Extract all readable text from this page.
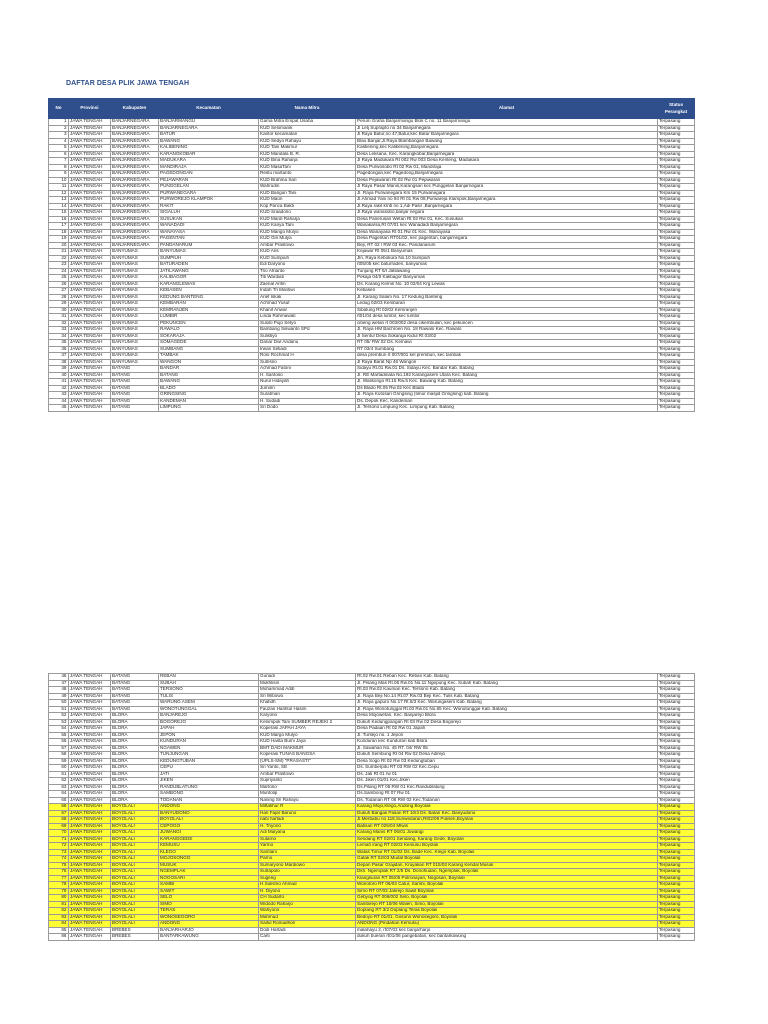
DAFTAR DESA PLIK JAWA TENGAH
No	Provinsi	Kabupaten	Kecamatan	Nama Mitra	Alamat	Status
Perangkat
1	JAWA TENGAH	BANJARNEGARA	BANJARMANGU	Gama Mitra Empat Usaha	Perum Graha Banjarmangu Blok C no. 11 Banjarmangu	Terpasang
2	JAWA TENGAH	BANJARNEGARA	BANJARNEGARA	KUD Selomanik	Jl Letj Suprapto no 34 Banjarnegara	Terpasang
3	JAWA TENGAH	BANJARNEGARA	BATUR	Kantor kecamatan	Jl Raya Batur,no 47,Batur,kec Batur Banjarnegara	Terpasang
4	JAWA TENGAH	BANJARNEGARA	BAWANG	KUD Sedyo Rahayu	Blau Banjar,Jl.Raya Blambangan Bawang	Terpasang
5	JAWA TENGAH	BANJARNEGARA	KALIBENING	KUD Tani Makmur	Kalibening,kec Kalibening,Banjarnegara	Terpasang
6	JAWA TENGAH	BANJARNEGARA	KARANGKOBAR	KUD Mandala B. R.	Desa Leksana, Kec. Karangkobar,Banjarnegara	Terpasang
7	JAWA TENGAH	BANJARNEGARA	MADUKARA	KUD Bina Raharja	Jl Raya Madukara Rt 002 Rw 003 Desa Kenteng, Madukara	Terpasang
8	JAWA TENGAH	BANJARNEGARA	MANDIRAJA	KUD MasaTani	Desa Purwosobo Rt 02 Rw 01, Mandiraja	Terpasang
9	JAWA TENGAH	BANJARNEGARA	PAGEDONGAN	Restu martanto	Pagedongan,kec Pagedong,Banjarnegara	Terpasang
10	JAWA TENGAH	BANJARNEGARA	PEJAWARAN	KUD Brahma Sari	Desa Pejawaran Rt 02 Rw 01 Pejawaran	Terpasang
11	JAWA TENGAH	BANJARNEGARA	PUNGGELAN	Wahrudin	Jl Raya Pasar Manis,Karangsari kec Punggelan Banjarnegara	Terpasang
12	JAWA TENGAH	BANJARNEGARA	PURWANEGARA	KUD Bangun Tani	Jl. Raya Purwanegara Km 15 Purwanegara	Terpasang
13	JAWA TENGAH	BANJARNEGARA	PURWOREJO KLAMPOK	KUD Maon	Jl.Ahmad Yani no 94 Rt 01 Rw 08,Purwareja Klampok,Banjarnegara	Terpasang
14	JAWA TENGAH	BANJARNEGARA	RAKIT	Kop Panca Bakti	Jl.Raya rakit km5 no 1,Adi Pasir ,Banjarnegara	Terpasang
15	JAWA TENGAH	BANJARNEGARA	SIGALUH	KUD Sraadono	Jl.Raya wanasobo,banjar negara	Terpasang
16	JAWA TENGAH	BANJARNEGARA	SUSUKAN	KUD Mardi Raharja	Desa Panerusan Wetan Rt 02 Rw 01, Kec. Susukan	Terpasang
17	JAWA TENGAH	BANJARNEGARA	WANADADI	KUD Kanya Tani	Wanakarsa,Rt 07/01 kec Wanadadi Banjarnegara	Terpasang
18	JAWA TENGAH	BANJARNEGARA	WANAYASA	KUD Mango Mulyo	Desa Wanayasa Rt 01 Rw 01 Kec. Wanayasa	Terpasang
19	JAWA TENGAH	BANJARNEGARA	PAGENTAN	KUD Giri Mulya	Desa Pagentan RT01/02, kec pagentan, banjarnegara	Terpasang
20	JAWA TENGAH	BANJARNEGARA	PANDANARUM	Ambar Prastowo	Beji, RT 02 / RW 03 Kec. Pandanarum	Terpasang
21	JAWA TENGAH	BANYUMAS	BANYUMAS	KUD Aris	Kejawar Rt 05/1 Banyumas	Terpasang
22	JAWA TENGAH	BANYUMAS	SUMPIUH	KUD Sumpiuh	Jln. Raya Kebokura No.10 Sumpiuh	Terpasang
23	JAWA TENGAH	BANYUMAS	BATURADEN	Edi Daryono	rt05/05 kec baturraden, banyumas	Terpasang
24	JAWA TENGAH	BANYUMAS	JATILAWANG	Trio Afrianto	Tunjung RT 5/I Jatilawang	Terpasang
25	JAWA TENGAH	BANYUMAS	KALIBAGOR	Titi Wardiati	Pekaja 04/II Kalibagor Banyumas	Terpasang
26	JAWA TENGAH	BANYUMAS	KARANGLEWAS	Zaenal Arifin	Ds. Karang Kemiri No. 10 02/04 Krg Lewas	Terpasang
27	JAWA TENGAH	BANYUMAS	KEBASEN	Indah Tri Mantiwi	Kebasen	Terpasang
28	JAWA TENGAH	BANYUMAS	KEDUNG BANTENG	Arief Iskak	Jl. Karang Salam No. 17 Kedung Banteng	Terpasang
29	JAWA TENGAH	BANYUMAS	KEMBARAN	Achmad Yusuf	Ledug 02/03 Kembaran	Terpasang
30	JAWA TENGAH	BANYUMAS	KEMRANJEN	Khanif Anwar	Sibalung Rt 02/02 Kemranjen	Terpasang
31	JAWA TENGAH	BANYUMAS	LUMBIR	Linda Rahmawati	rt01/04 desa lumbir, kec lumbir	Terpasang
32	JAWA TENGAH	BANYUMAS	PEKUNCEN	Susilo Pujo Setyo	cibeng wetan rt 003/002 desa cikembulan, kec pekuncen	Terpasang
33	JAWA TENGAH	BANYUMAS	RAWALO	Bambang Siswanto SPd	Jl. Raya HM Bachroen No. 18 Rawalo Kec. Rawalo	Terpasang
34	JAWA TENGAH	BANYUMAS	SOKARAJA	Sulistiyo	Jl Sentul Desa Sokaraja Kidul Rt 03/02	Terpasang
35	JAWA TENGAH	BANYUMAS	SOMAGEDE	Danar Dwi Andanu	RT 05/ RW 02 Ds. Kemawi	Terpasang
36	JAWA TENGAH	BANYUMAS	SUMBANG	Irwan Setiadi	RT 03/4 Sumbang	Terpasang
37	JAWA TENGAH	BANYUMAS	TAMBAK	Roni Rochmat H	desa prembun rt 007/001 kel prembun, kec tambak	Terpasang
38	JAWA TENGAH	BANYUMAS	WANGON	Sutrisno	Jl Raya Barat Np 46 Wangon	Terpasang
39	JAWA TENGAH	BATANG	BANDAR	Achmad Fatoni	Sidayu Rt.01 Rw.01 Ds. Sidayu Kec. Bandar Kab. Batang	Terpasang
40	JAWA TENGAH	BATANG	BATANG	H. Santoso	Jl. RE Martadinata No.192 Karangasem Utara Kec. Batang	Terpasang
41	JAWA TENGAH	BATANG	BAWANG	Nurul Hidayah	Jl. Walisongo Rt.15 Rw.5 Kec. Bawang Kab. Batang	Terpasang
42	JAWA TENGAH	BATANG	BLADO	Jumirin	Ds Blado Rt.05 Rw.02 Kec Blado	Terpasang
43	JAWA TENGAH	BATANG	GRINGSING	Suratman	Jl. Raya Kutosari Gringsing (timur masjid Gringsing) kab. Batang	Terpasang
44	JAWA TENGAH	BATANG	KANDEMAN	H. Sudadi	Ds. Depok Kec. Kandeman	Terpasang
45	JAWA TENGAH	BATANG	LIMPUNG	Sri Dodo	Jl. Tersono Limpung Kec. Limpung Kab. Batang	Terpasang
46	JAWA TENGAH	BATANG	REBAN	Gunadi	Rt.02 Rw.01 Reban Kec. Reban Kab. Batang	Terpasang
47	JAWA TENGAH	BATANG	SUBAH	Mukhlisin	Jl. Pisang Mas Rt.05 Rw.01 No.11 Ngepung Kec. Subah Kab. Batang	Terpasang
48	JAWA TENGAH	BATANG	TERSONO	Muhammad Adib	Rt.03 Rw.02 Kauman Kec. Tersono Kab. Batang	Terpasang
49	JAWA TENGAH	BATANG	TULIS	Sri Wibowo	Jl. Raya Beji No.14 Rt.07 Rw.03 Beji Kec. Tulis Kab. Batang	Terpasang
50	JAWA TENGAH	BATANG	WARUNG ASEM	Khafidh	Jl. Raya gapuro No.17 Rt.5/3 Kec. Warungasem Kab. Batang	Terpasang
51	JAWA TENGAH	BATANG	WONOTUNGGAL	Fauzan Haritsul Hasim	Jl. Raya Wonotunggal Rt.03 Rw.01 No.65 Kec. Wonotunggal Kab. Batang	Terpasang
52	JAWA TENGAH	BLORA	BANJAREJO	Karyono	Desa Mojowetan, Kec. Banjarejo Blora	Terpasang
53	JAWA TENGAH	BLORA	BOGOREJO	Kelompok Tani SUMBER REJEKI 2	Dukuh Kedungpangan Rt 03 Rw 02 Desa Bogorejo	Terpasang
54	JAWA TENGAH	BLORA	JAPAH	Koperasi JAPAH JAYA	Desa Padaan Rt 02 Rw 01 Japah	Terpasang
55	JAWA TENGAH	BLORA	JEPON	KUD Margo Mulyo	Jl. Tuntejo no. 1 Jepon	Terpasang
56	JAWA TENGAH	BLORA	KUNDURAN	KUD Hasta Bumi Jaya	Kunduran kec Kunduran kab Blora	Terpasang
57	JAWA TENGAH	BLORA	NGAWEN	BMT DADI MAKMUR	Jl. Sawahan No. 45 RT. 04/ RW 05	Terpasang
58	JAWA TENGAH	BLORA	TUNJUNGAN	Koperasi TUNAS BANGSA	Dukuh Sembung Rt 04 Rw 02 Desa Adirejo	Terpasang
59	JAWA TENGAH	BLORA	KEDUNGTUBAN	(UPLS-SM) "PRASASTI"	Desa Sogo Rt 02 Rw 03 Kedungtuban	Terpasang
60	JAWA TENGAH	BLORA	CEPU	Sri Yanto, SE	Ds. Sumberpitu RT 03 RW 02 Kec.Cepu	Terpasang
61	JAWA TENGAH	BLORA	JATI	Ambar Prastowo	Ds. Jati Rt 01 rw 01	Terpasang
62	JAWA TENGAH	BLORA	JIKEN	Supriyanto	Ds. Jiken 01/01 Kec.Jiken	Terpasang
63	JAWA TENGAH	BLORA	RANDUBLATUNG	Martono	Ds.Pilang RT 05 RW 01 Kec.Randublatung	Terpasang
64	JAWA TENGAH	BLORA	SAMBONG	Muntolip	Ds.Sambong Rt 07 Rw 01	Terpasang
65	JAWA TENGAH	BLORA	TODANAN	Naning Sri Rahayu	Ds. Todanan RT 06 RW 02 Kec.Todanan	Terpasang
66	JAWA TENGAH	BOYOLALI	ANDONG	Miftakhur R	Karang Mojo,Klego,Andong Boyolali	Terpasang
67	JAWA TENGAH	BOYOLALI	BANYUDONO	Hari Fajar Baruno	Dukuh Bangak Pasan RT 10/3 Ds. Batan Kec. Banyudono	Terpasang
68	JAWA TENGAH	BOYOLALI	BOYOLALI	nabi hartadi	Jl.Merbabu no 118,Sunwedaran,Rt02/09 Pulisen,Boyolali	Terpasang
69	JAWA TENGAH	BOYOLALI	CEPOGO	H. Triyono	Babsari RT 025/04 Mlwis	Terpasang
70	JAWA TENGAH	BOYOLALI	JUWANGI	Adi Mulyana	Karang Manis RT 06/01 Juwangi	Terpasang
71	JAWA TENGAH	BOYOLALI	KARANGGEDE	Sutarno	Sendang RT 02/01 Sendang, Karang Gede, Boyolali	Terpasang
72	JAWA TENGAH	BOYOLALI	KEMUSU	Yarmo	Lemah irang RT 02/03 Kemusu Boyolali	Terpasang
73	JAWA TENGAH	BOYOLALI	KLEGO	Samtani	Watas Timur RT 01/02 Ds. Bade Kec. Klego Kab. Boyolali	Terpasang
74	JAWA TENGAH	BOYOLALI	MOJOSONGO	Parno	Gatak RT 02/03 Mudal Boyolali	Terpasang
75	JAWA TENGAH	BOYOLALI	MUSUK	Sumaryono Mardiowo	Depan Pasar Grajidan, Kruyakan RT 015/03 Karang Kendal Musuk	Terpasang
76	JAWA TENGAH	BOYOLALI	NGEMPLAK	Sutrapolo	Dkh. Ngemplak RT 2/5 Ds. Donohudan, Ngemplak, Boyolali	Terpasang
77	JAWA TENGAH	BOYOLALI	NOGOSARI	Sugeng	Klangsuran RT 05/05 Potronayan, Nogosari, Boyolali	Terpasang
78	JAWA TENGAH	BOYOLALI	SAMBI	H.Sulismo Ahmad	Wonotoro RT 06/03 Catur, Sambi, Boyolali	Terpasang
79	JAWA TENGAH	BOYOLALI	SAWIT	H. Diyono	Sirno RT 07/03 Jatirejo Sawit Boyolali	Terpasang
80	JAWA TENGAH	BOYOLALI	SELO	CH Sudarto	Gebyog RT 006/002 Selo, Boyolali	Terpasang
81	JAWA TENGAH	BOYOLALI	SIMO	Widodo Raharjo	Sambirejo RT 10/06 Walen, Simo, Boyolali	Terpasang
82	JAWA TENGAH	BOYOLALI	TERAS	Wahyono	Doplang RT 3/2 Doplang Teras Boyolali	Terpasang
83	JAWA TENGAH	BOYOLALI	WONOSEGORO	Mahmud	Bedoyo RT 01/01, Gosono Wonosegoro, Boyolali	Terpasang
84	JAWA TENGAH	BOYOLALI	ANDONG	Saiful Romadhon	ANDONG (Pindahan Kemusu)	Terpasang
85	JAWA TENGAH	BREBES	BANJARHARJO	Dodi Hartadi	malahayu 2, rt07/03 kec banjarharjo	Terpasang
86	JAWA TENGAH	BREBES	BANTARKAWUNG	Carti	dukuh bueran rt01/06 pangebatan, kec bantarkawung	Terpasang
